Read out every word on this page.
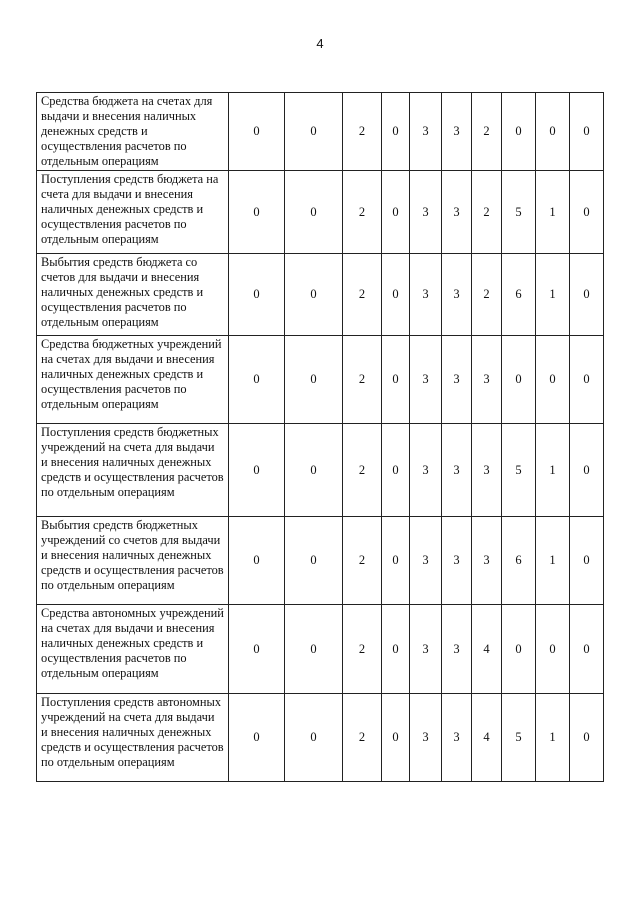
4
Средства бюджета на счетах для выдачи и внесения наличных денежных средств и осуществления расчетов по отдельным операциям	0	0	2	0	3	3	2	0	0	0
Поступления средств бюджета на счета для выдачи и внесения наличных денежных средств и осуществления расчетов по отдельным операциям	0	0	2	0	3	3	2	5	1	0
Выбытия средств бюджета со счетов для выдачи и внесения наличных денежных средств и осуществления расчетов по отдельным операциям	0	0	2	0	3	3	2	6	1	0
Средства бюджетных учреждений на счетах для выдачи и внесения наличных денежных средств и осуществления расчетов по отдельным операциям	0	0	2	0	3	3	3	0	0	0
Поступления средств бюджетных учреждений на счета для выдачи и внесения наличных денежных средств и осуществления расчетов по отдельным операциям	0	0	2	0	3	3	3	5	1	0
Выбытия средств бюджетных учреждений со счетов для выдачи и внесения наличных денежных средств и осуществления расчетов по отдельным операциям	0	0	2	0	3	3	3	6	1	0
Средства автономных учреждений на счетах для выдачи и внесения наличных денежных средств и осуществления расчетов по отдельным операциям	0	0	2	0	3	3	4	0	0	0
Поступления средств автономных учреждений на счета для выдачи и внесения наличных денежных средств и осуществления расчетов по отдельным операциям	0	0	2	0	3	3	4	5	1	0
